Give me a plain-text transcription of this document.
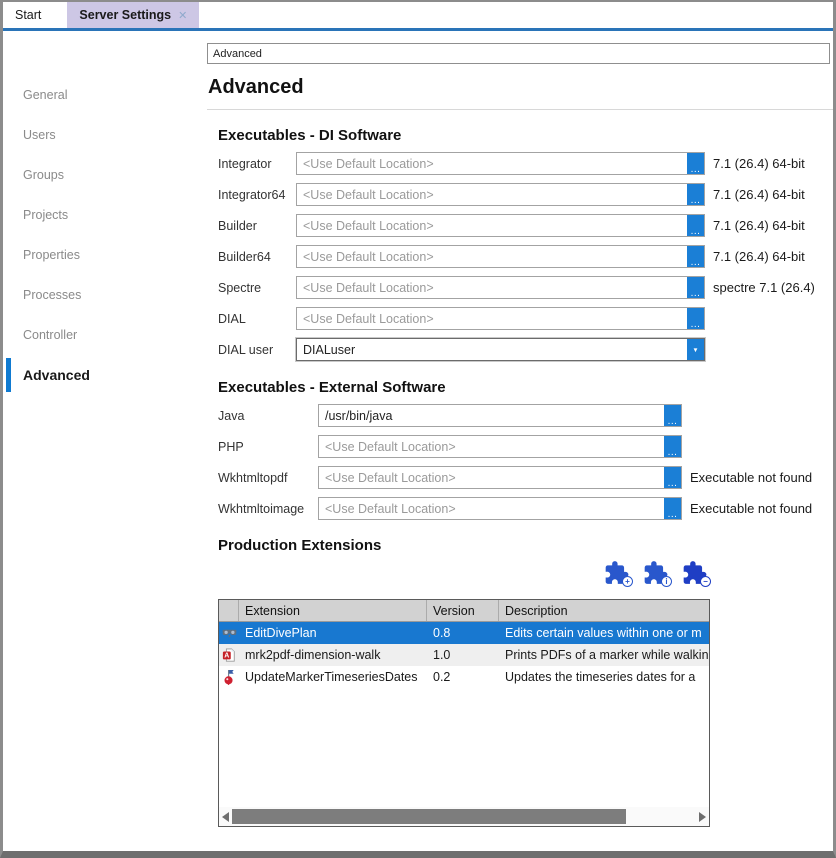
Start	Server Settings ✕
General
Users
Groups
Projects
Properties
Processes
Controller
Advanced
Advanced
Advanced
Executables - DI Software
Integrator
<Use Default Location>	... 7.1 (26.4) 64-bit
Integrator64
<Use Default Location>	... 7.1 (26.4) 64-bit
Builder
<Use Default Location>	... 7.1 (26.4) 64-bit
Builder64
<Use Default Location>	... 7.1 (26.4) 64-bit
Spectre
<Use Default Location>	... spectre 7.1 (26.4)
DIAL
<Use Default Location>	...
DIAL user
DIALuser	▼
Executables - External Software
Java
/usr/bin/java	...
PHP
<Use Default Location>	...
Wkhtmltopdf
<Use Default Location>	... Executable not found
Wkhtmltoimage
<Use Default Location>	... Executable not found
Production Extensions
+	i	−
Extension	Version	Description
EditDivePlan	0.8	Edits certain values within one or m
A	mrk2pdf-dimension-walk	1.0	Prints PDFs of a marker while walkin
UpdateMarkerTimeseriesDates	0.2	Updates the timeseries dates for a
